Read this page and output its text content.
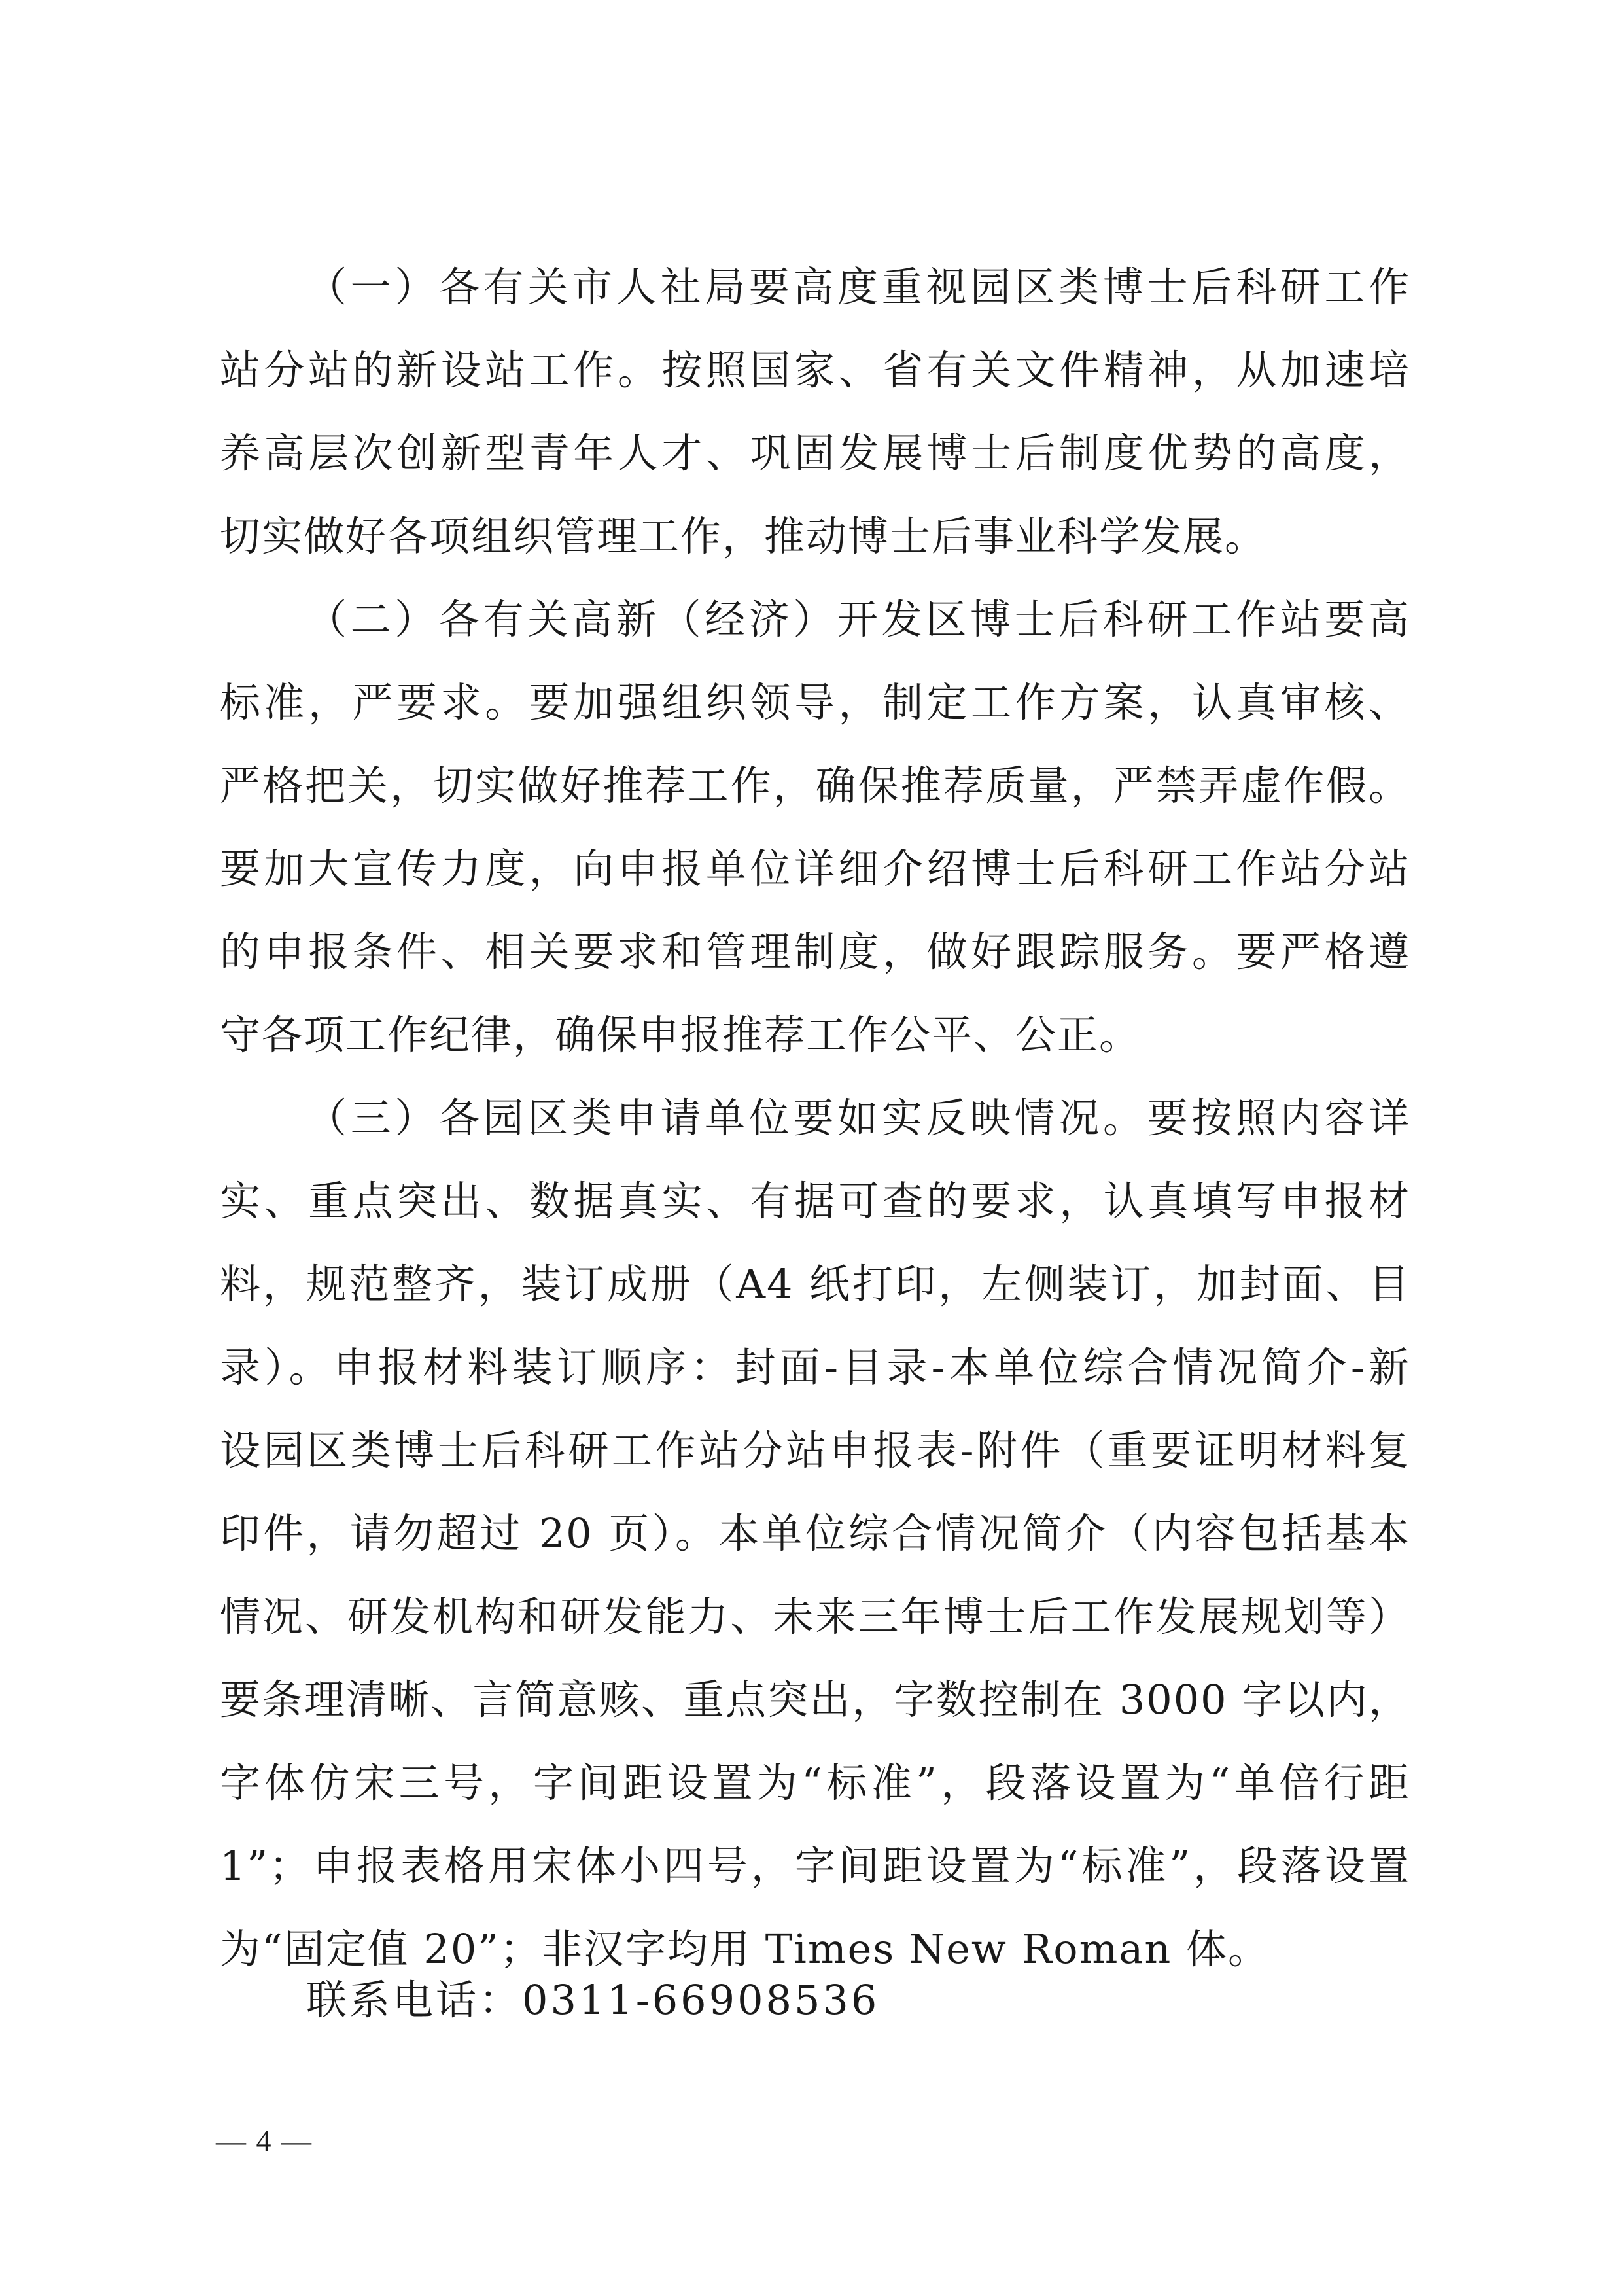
（一）各有关市人社局要高度重视园区类博士后科研工作
站分站的新设站工作。按照国家、省有关文件精神，从加速培
养高层次创新型青年人才、巩固发展博士后制度优势的高度，
切实做好各项组织管理工作，推动博士后事业科学发展。
（二）各有关高新（经济）开发区博士后科研工作站要高
标准，严要求。要加强组织领导，制定工作方案，认真审核、
严格把关，切实做好推荐工作，确保推荐质量，严禁弄虚作假。
要加大宣传力度，向申报单位详细介绍博士后科研工作站分站
的申报条件、相关要求和管理制度，做好跟踪服务。要严格遵
守各项工作纪律，确保申报推荐工作公平、公正。
（三）各园区类申请单位要如实反映情况。要按照内容详
实、重点突出、数据真实、有据可查的要求，认真填写申报材
料，规范整齐，装订成册（A4 纸打印，左侧装订，加封面、目
录）。申报材料装订顺序：封面-目录-本单位综合情况简介-新
设园区类博士后科研工作站分站申报表-附件（重要证明材料复
印件，请勿超过 20 页）。本单位综合情况简介（内容包括基本
情况、研发机构和研发能力、未来三年博士后工作发展规划等）
要条理清晰、言简意赅、重点突出，字数控制在 3000 字以内，
字体仿宋三号，字间距设置为“标准”，段落设置为“单倍行距
1”；申报表格用宋体小四号，字间距设置为“标准”，段落设置
为“固定值 20”；非汉字均用 Times New Roman 体。
联系电话：0311-66908536
— 4 —
